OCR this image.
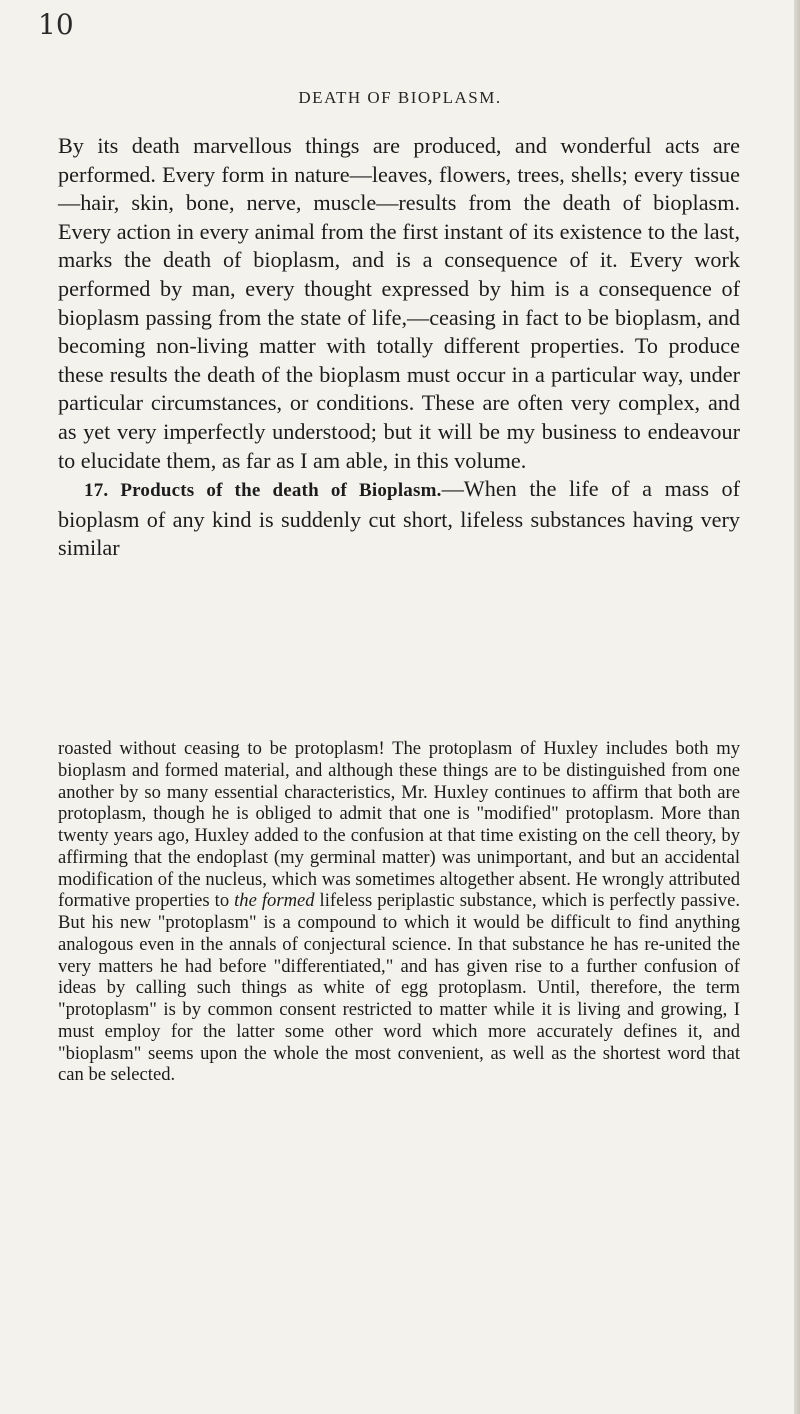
10
DEATH OF BIOPLASM.

By its death marvellous things are produced, and wonderful acts are performed. Every form in nature—leaves, flowers, trees, shells; every tissue—hair, skin, bone, nerve, muscle—results from the death of bioplasm. Every action in every animal from the first instant of its existence to the last, marks the death of bioplasm, and is a consequence of it. Every work performed by man, every thought expressed by him is a consequence of bioplasm passing from the state of life,—ceasing in fact to be bioplasm, and becoming non-living matter with totally different properties. To produce these results the death of the bioplasm must occur in a particular way, under particular circumstances, or conditions. These are often very complex, and as yet very imperfectly understood; but it will be my business to endeavour to elucidate them, as far as I am able, in this volume.

17. Products of the death of Bioplasm.—When the life of a mass of bioplasm of any kind is suddenly cut short, lifeless substances having very similar

roasted without ceasing to be protoplasm! The protoplasm of Huxley includes both my bioplasm and formed material, and although these things are to be distinguished from one another by so many essential characteristics, Mr. Huxley continues to affirm that both are protoplasm, though he is obliged to admit that one is "modified" protoplasm. More than twenty years ago, Huxley added to the confusion at that time existing on the cell theory, by affirming that the endoplast (my germinal matter) was unimportant, and but an accidental modification of the nucleus, which was sometimes altogether absent. He wrongly attributed formative properties to the formed lifeless periplastic substance, which is perfectly passive. But his new "protoplasm" is a compound to which it would be difficult to find anything analogous even in the annals of conjectural science. In that substance he has re-united the very matters he had before "differentiated," and has given rise to a further confusion of ideas by calling such things as white of egg protoplasm. Until, therefore, the term "protoplasm" is by common consent restricted to matter while it is living and growing, I must employ for the latter some other word which more accurately defines it, and "bioplasm" seems upon the whole the most convenient, as well as the shortest word that can be selected.
